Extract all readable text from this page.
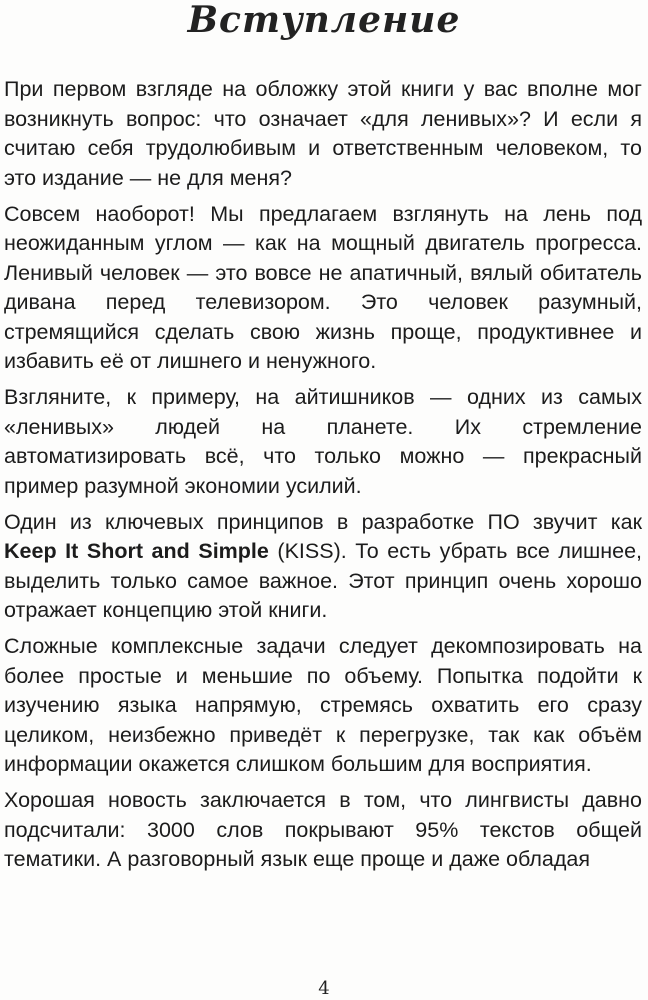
Вступление

При первом взгляде на обложку этой книги у вас вполне мог возникнуть вопрос: что означает «для ленивых»? И если я считаю себя трудолюбивым и ответственным человеком, то это издание — не для меня?

Совсем наоборот! Мы предлагаем взглянуть на лень под неожиданным углом — как на мощный двигатель прогресса. Ленивый человек — это вовсе не апатичный, вялый обитатель дивана перед телевизором. Это человек разумный, стремящийся сделать свою жизнь проще, продуктивнее и избавить её от лишнего и ненужного.

Взгляните, к примеру, на айтишников — одних из самых «ленивых» людей на планете. Их стремление автоматизировать всё, что только можно — прекрасный пример разумной экономии усилий.

Один из ключевых принципов в разработке ПО звучит как Keep It Short and Simple (KISS). То есть убрать все лишнее, выделить только самое важное. Этот принцип очень хорошо отражает концепцию этой книги.

Сложные комплексные задачи следует декомпозировать на более простые и меньшие по объему. Попытка подойти к изучению языка напрямую, стремясь охватить его сразу целиком, неизбежно приведёт к перегрузке, так как объём информации окажется слишком большим для восприятия.

Хорошая новость заключается в том, что лингвисты давно подсчитали: 3000 слов покрывают 95% текстов общей тематики. А разговорный язык еще проще и даже обладая

4
